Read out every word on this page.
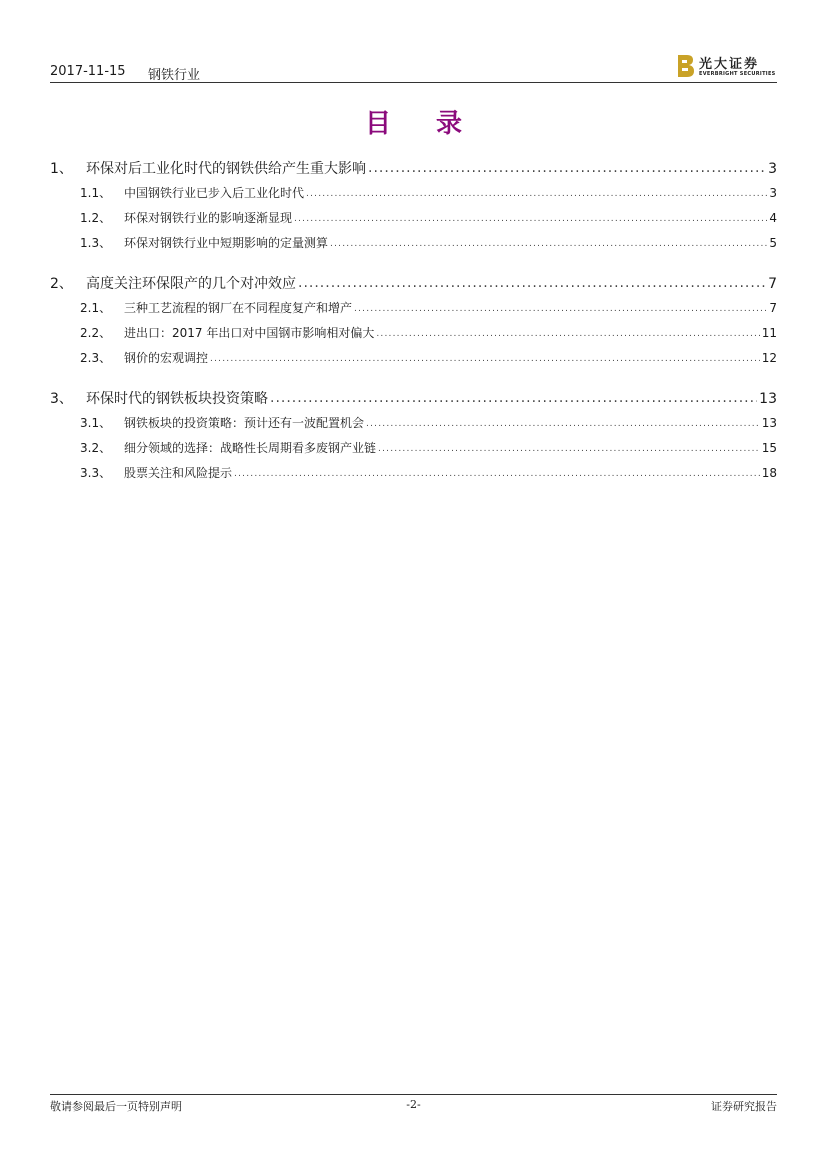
2017-11-15 钢铁行业
光大证券
EVERBRIGHT SECURITIES
目 录
1、 环保对后工业化时代的钢铁供给产生重大影响 .....	3
1.1、	中国钢铁行业已步入后工业化时代 .....	3
1.2、	环保对钢铁行业的影响逐渐显现 .....	4
1.3、	环保对钢铁行业中短期影响的定量测算 .....	5
2、 高度关注环保限产的几个对冲效应 .....	7
2.1、	三种工艺流程的钢厂在不同程度复产和增产 .....	7
2.2、	进出口：2017 年出口对中国钢市影响相对偏大 .....	11
2.3、	钢价的宏观调控 .....	12
3、 环保时代的钢铁板块投资策略 .....	13
3.1、	钢铁板块的投资策略：预计还有一波配置机会 .....	13
3.2、	细分领域的选择：战略性长周期看多废钢产业链 .....	15
3.3、	股票关注和风险提示 .....	18
敬请参阅最后一页特别声明	-2-	证券研究报告
